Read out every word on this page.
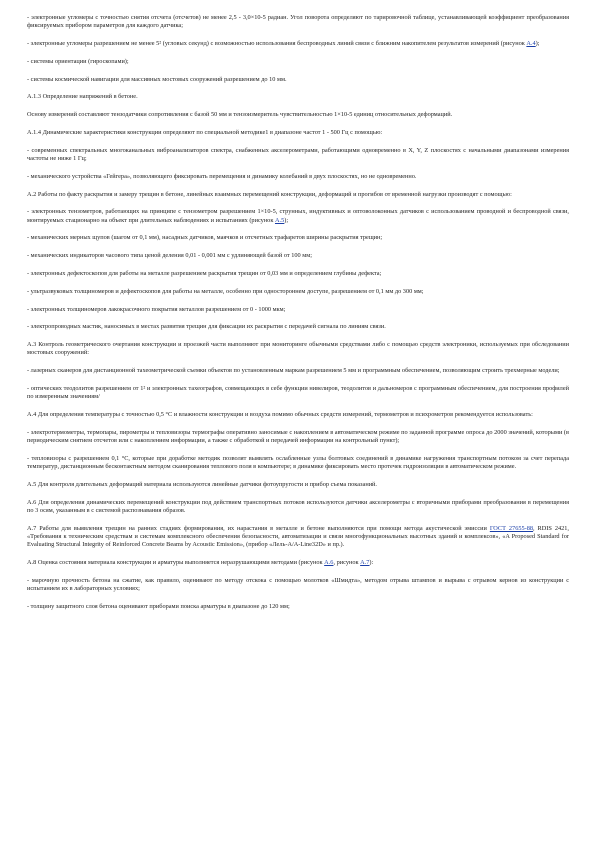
- электронные угломеры с точностью снятия отсчета (отсчетов) не менее 2,5 - 3,0×10-5 радиан. Угол поворота определяют по тарировочной таблице, устанавливающей коэффициент преобразования фиксируемых прибором параметров для каждого датчика;

- электронные угломеры разрешением не менее 5² (угловых секунд) с возможностью использования беспроводных линий связи с ближним накопителем результатов измерений (рисунок А.4);

- системы ориентации (гироскопами);

- системы космической навигации для массивных мостовых сооружений разрешением до 10 мм.

А.1.3 Определение напряжений в бетоне.

Основу измерений составляют тензодатчики сопротивления с базой 50 мм и тензоизмеритель чувствительностью 1×10-5 единиц относительных деформаций.

А.1.4 Динамические характеристики конструкции определяют по специальной методике1 в диапазоне частот 1 - 500 Гц с помощью:

- современных спектральных многоканальных виброанализаторов спектра, снабженных акселерометрами, работающими одновременно в X, Y, Z плоскостях с начальными диапазонами измерения частоты не ниже 1 Гц;

- механического устройства «Гейгера», позволяющего фиксировать перемещения и динамику колебаний в двух плоскостях, но не одновременно.

А.2 Работы по факту раскрытия и замеру трещин в бетоне, линейных взаимных перемещений конструкции, деформаций и прогибов от временной нагрузки производят с помощью:

- электронных тензометров, работающих на принципе с тензометром разрешением 1×10-5, струнных, индуктивных и оптоволоконных датчиков с использованием проводной и беспроводной связи, монтируемых стационарно на объект при длительных наблюдениях и испытаниях (рисунок А.5);

- механических мерных щупов (шагом от 0,1 мм), насадных датчиков, маячков и отсчетных трафаретов ширины раскрытия трещин;

- механических индикаторов часового типа ценой деления 0,01 - 0,001 мм с удлиняющей базой от 100 мм;

- электронных дефектоскопов для работы на металле разрешением раскрытия трещин от 0,03 мм и определением глубины дефекта;

- ультразвуковых толщиномеров и дефектоскопов для работы на металле, особенно при одностороннем доступе, разрешением от 0,1 мм до 300 мм;

- электронных толщиномеров лакокрасочного покрытия металлов разрешением от 0 - 1000 мкм;

- электропроводных мастик, наносимых в местах развития трещин для фиксации их раскрытия с передачей сигнала по линиям связи.

А.3 Контроль геометрического очертания конструкции и проезжей части выполняют при мониторинге обычными средствами либо с помощью средств электроники, используемых при обследовании мостовых сооружений:

- лазерных сканеров для дистанционной тахеометрической съемки объектов по установленным маркам разрешением 5 мм и программным обеспечением, позволяющим строить трехмерные модели;

- оптических теодолитов разрешением от 1² и электронных тахеографов, совмещающих в себе функции нивелиров, теодолитов и дальномеров с программным обеспечением, для построения профилей по измеренным значениям/

А.4 Для определения температуры с точностью 0,5 °С и влажности конструкции и воздуха помимо обычных средств измерений, термометров и психрометров рекомендуется использовать:

- электротермометры, термопары, пирометры и тепловизоры термографы оперативно заносимые с накоплением в автоматическом режиме по заданной программе опроса до 2000 значений, которыми (в периодическим снятием отсчетов или с накоплением информации, а также с обработкой и передачей информации на контрольный пункт);

- тепловизоры с разрешением 0,1 °С, которые при доработке методик позволят выявлять ослабленные узлы болтовых соединений в динамике нагружения транспортным потоком за счет перепада температур, дистанционным бесконтактным методом сканирования теплового поля в компьютере; в динамике фиксировать место протечек гидроизоляции в автоматическом режиме.

А.5 Для контроля длительных деформаций материала используются линейные датчики фотоупругости и прибор съема показаний.

А.6 Для определения динамических перемещений конструкции под действием транспортных потоков используются датчики акселерометры с вторичными приборами преобразования в перемещения по 3 осям, указанным в с системой распознавания образов.

А.7 Работы для выявления трещин на ранних стадиях формирования, их нарастания в металле и бетоне выполняются при помощи метода акустической эмиссии ГОСТ 27655-88, RDIS 2421, «Требования к техническим средствам и системам комплексного обеспечения безопасности, автоматизации и связи многофункциональных высотных зданий и комплексов», «A Proposed Standard for Evaluating Structural Integrity of Reinforced Concrete Beams by Acoustic Emission», (прибор «Лель-А/А-Line32D» и пр.).

А.8 Оценка состояния материала конструкции и арматуры выполняется неразрушающими методами (рисунок А.6, рисунок А.7):

- марочную прочность бетона на сжатие, как правило, оценивают по методу отскока с помощью молотков «Шмидта», методом отрыва штампов и вырыва с отрывом кернов из конструкции с испытанием их в лабораторных условиях;

- толщину защитного слоя бетона оценивают приборами поиска арматуры в диапазоне до 120 мм;
